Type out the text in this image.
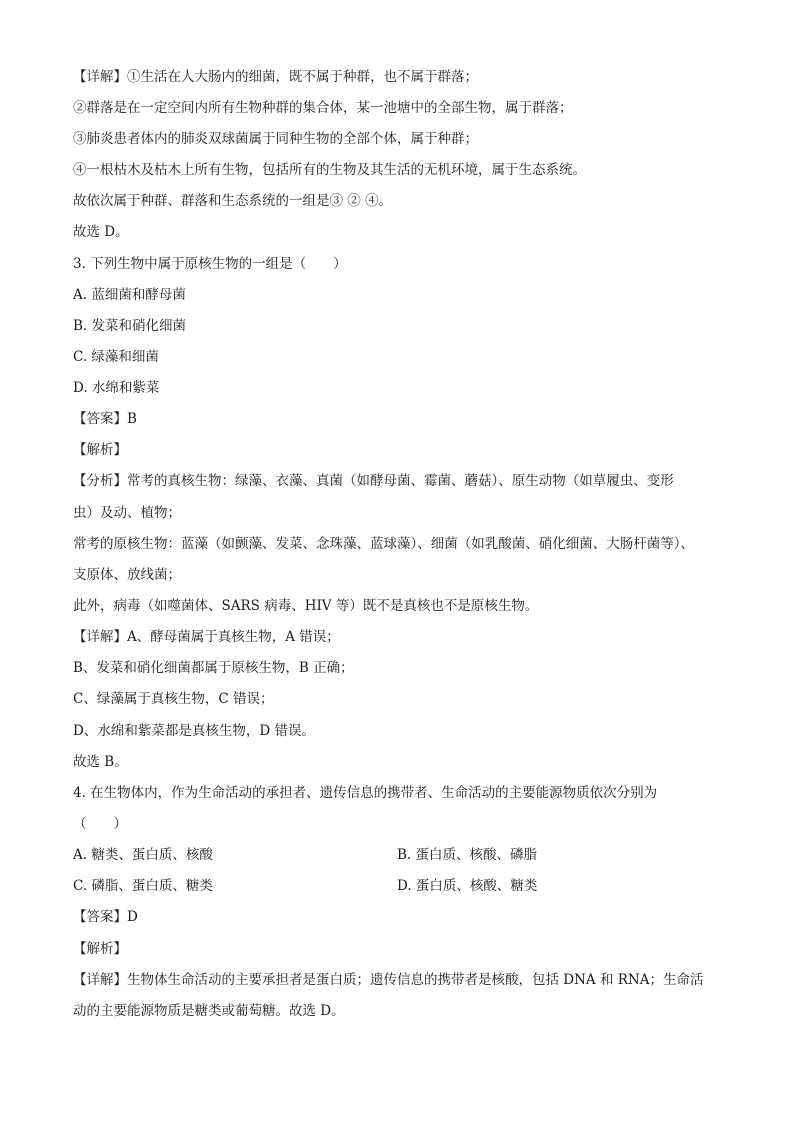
【详解】①生活在人大肠内的细菌，既不属于种群，也不属于群落；
②群落是在一定空间内所有生物种群的集合体，某一池塘中的全部生物，属于群落；
③肺炎患者体内的肺炎双球菌属于同种生物的全部个体，属于种群；
④一根枯木及枯木上所有生物，包括所有的生物及其生活的无机环境，属于生态系统。
故依次属于种群、群落和生态系统的一组是③ ② ④。
故选 D。
3. 下列生物中属于原核生物的一组是（　　）
A. 蓝细菌和酵母菌
B. 发菜和硝化细菌
C. 绿藻和细菌
D. 水绵和紫菜
【答案】B
【解析】
【分析】常考的真核生物：绿藻、衣藻、真菌（如酵母菌、霉菌、蘑菇）、原生动物（如草履虫、变形
虫）及动、植物；
常考的原核生物：蓝藻（如颤藻、发菜、念珠藻、蓝球藻）、细菌（如乳酸菌、硝化细菌、大肠杆菌等）、
支原体、放线菌；
此外，病毒（如噬菌体、SARS 病毒、HIV 等）既不是真核也不是原核生物。
【详解】A、酵母菌属于真核生物，A 错误；
B、发菜和硝化细菌都属于原核生物，B 正确；
C、绿藻属于真核生物，C 错误；
D、水绵和紫菜都是真核生物，D 错误。
故选 B。
4. 在生物体内，作为生命活动的承担者、遗传信息的携带者、生命活动的主要能源物质依次分别为
（　　）
A. 糖类、蛋白质、核酸	B. 蛋白质、核酸、磷脂
C. 磷脂、蛋白质、糖类	D. 蛋白质、核酸、糖类
【答案】D
【解析】
【详解】生物体生命活动的主要承担者是蛋白质；遗传信息的携带者是核酸，包括 DNA 和 RNA；生命活
动的主要能源物质是糖类或葡萄糖。故选 D。
